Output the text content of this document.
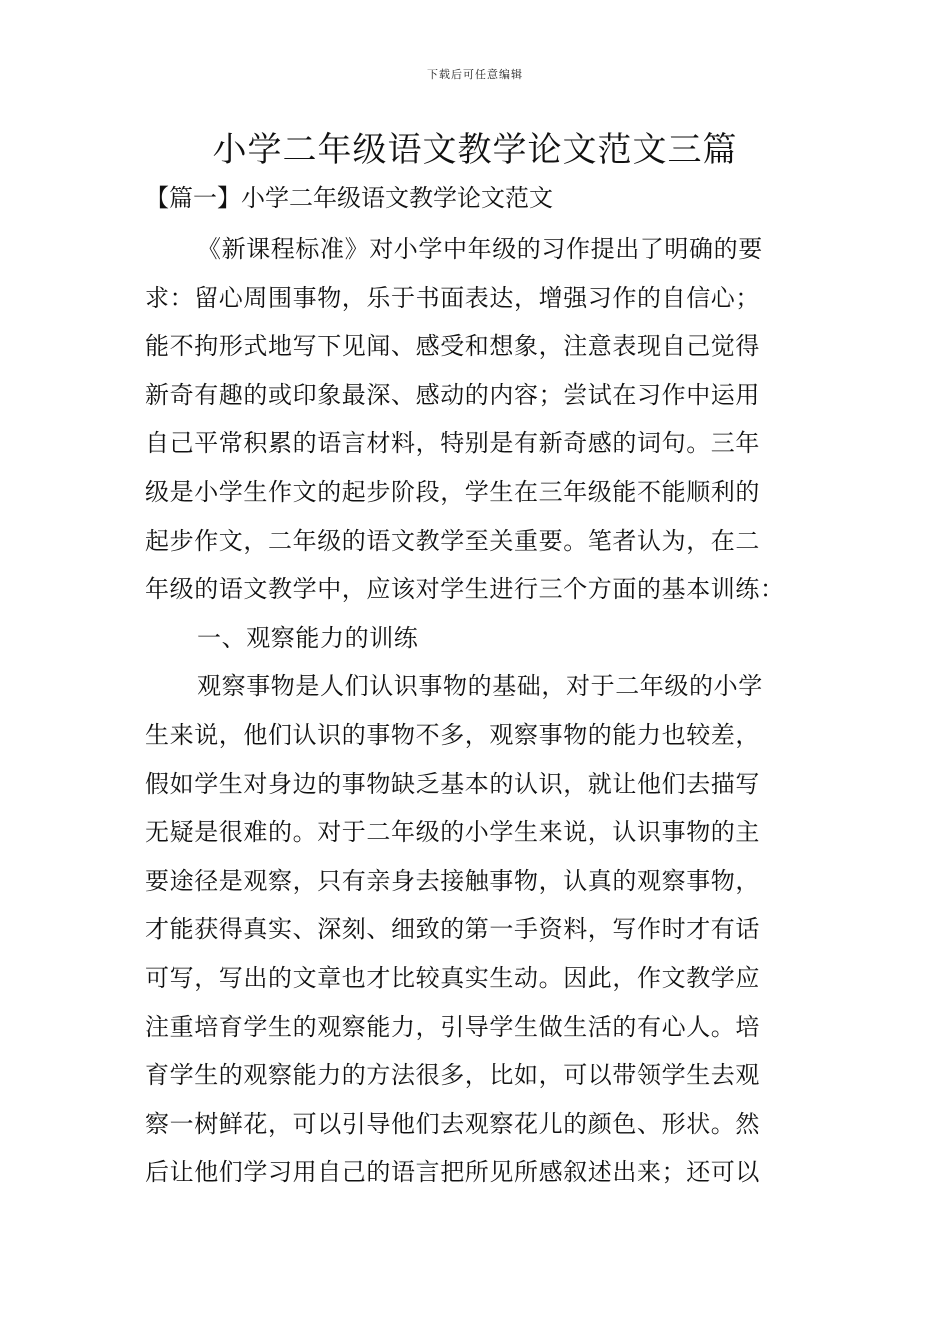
下载后可任意编辑
小学二年级语文教学论文范文三篇
【篇一】小学二年级语文教学论文范文
《新课程标准》对小学中年级的习作提出了明确的要
求：留心周围事物，乐于书面表达，增强习作的自信心；
能不拘形式地写下见闻、感受和想象，注意表现自己觉得
新奇有趣的或印象最深、感动的内容；尝试在习作中运用
自己平常积累的语言材料，特别是有新奇感的词句。三年
级是小学生作文的起步阶段，学生在三年级能不能顺利的
起步作文，二年级的语文教学至关重要。笔者认为，在二
年级的语文教学中，应该对学生进行三个方面的基本训练：
一、观察能力的训练
观察事物是人们认识事物的基础，对于二年级的小学
生来说，他们认识的事物不多，观察事物的能力也较差，
假如学生对身边的事物缺乏基本的认识，就让他们去描写
无疑是很难的。对于二年级的小学生来说，认识事物的主
要途径是观察，只有亲身去接触事物，认真的观察事物，
才能获得真实、深刻、细致的第一手资料，写作时才有话
可写，写出的文章也才比较真实生动。因此，作文教学应
注重培育学生的观察能力，引导学生做生活的有心人。培
育学生的观察能力的方法很多，比如，可以带领学生去观
察一树鲜花，可以引导他们去观察花儿的颜色、形状。然
后让他们学习用自己的语言把所见所感叙述出来；还可以
